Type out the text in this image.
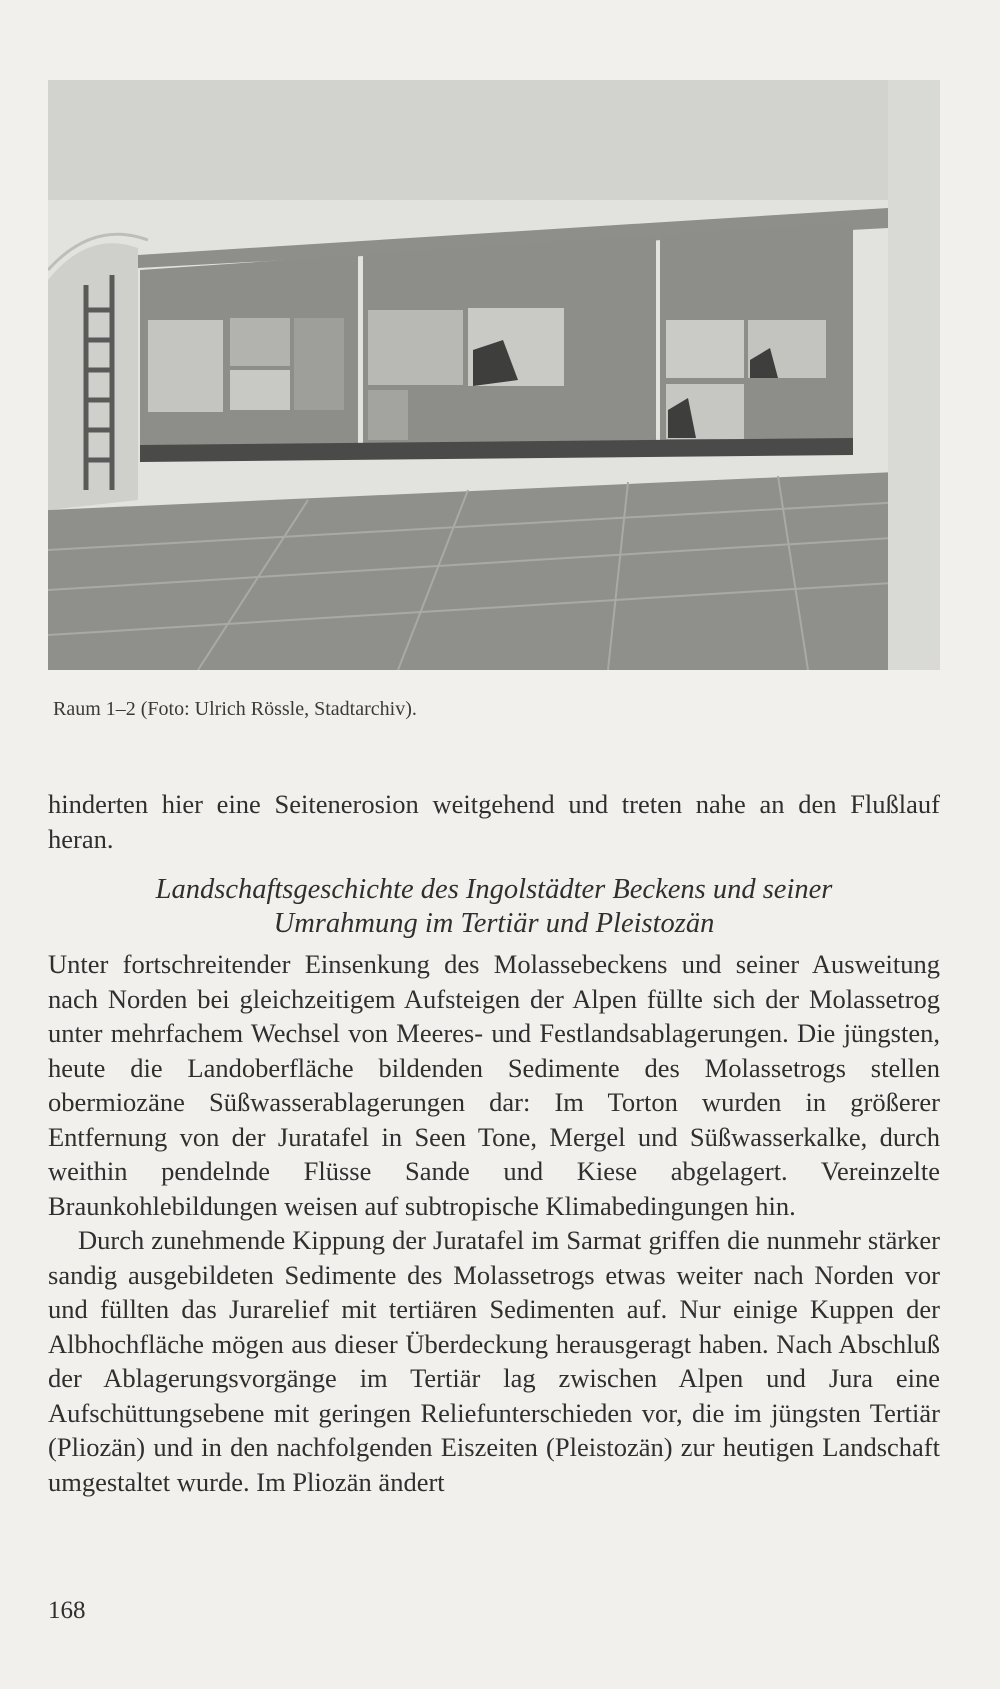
Raum 1–2 (Foto: Ulrich Rössle, Stadtarchiv).

hinderten hier eine Seitenerosion weitgehend und treten nahe an den Flußlauf heran.

Landschaftsgeschichte des Ingolstädter Beckens und seiner
Umrahmung im Tertiär und Pleistozän

Unter fortschreitender Einsenkung des Molassebeckens und seiner Ausweitung nach Norden bei gleichzeitigem Aufsteigen der Alpen füllte sich der Molassetrog unter mehrfachem Wechsel von Meeres- und Festlandsablagerungen. Die jüngsten, heute die Landoberfläche bildenden Sedimente des Molassetrogs stellen obermiozäne Süßwasserablagerungen dar: Im Torton wurden in größerer Entfernung von der Juratafel in Seen Tone, Mergel und Süßwasserkalke, durch weithin pendelnde Flüsse Sande und Kiese abgelagert. Vereinzelte Braunkohlebildungen weisen auf subtropische Klimabedingungen hin.

Durch zunehmende Kippung der Juratafel im Sarmat griffen die nunmehr stärker sandig ausgebildeten Sedimente des Molassetrogs etwas weiter nach Norden vor und füllten das Jurarelief mit tertiären Sedimenten auf. Nur einige Kuppen der Albhochfläche mögen aus dieser Überdeckung herausgeragt haben. Nach Abschluß der Ablagerungsvorgänge im Tertiär lag zwischen Alpen und Jura eine Aufschüttungsebene mit geringen Reliefunterschieden vor, die im jüngsten Tertiär (Pliozän) und in den nachfolgenden Eiszeiten (Pleistozän) zur heutigen Landschaft umgestaltet wurde. Im Pliozän ändert

168
